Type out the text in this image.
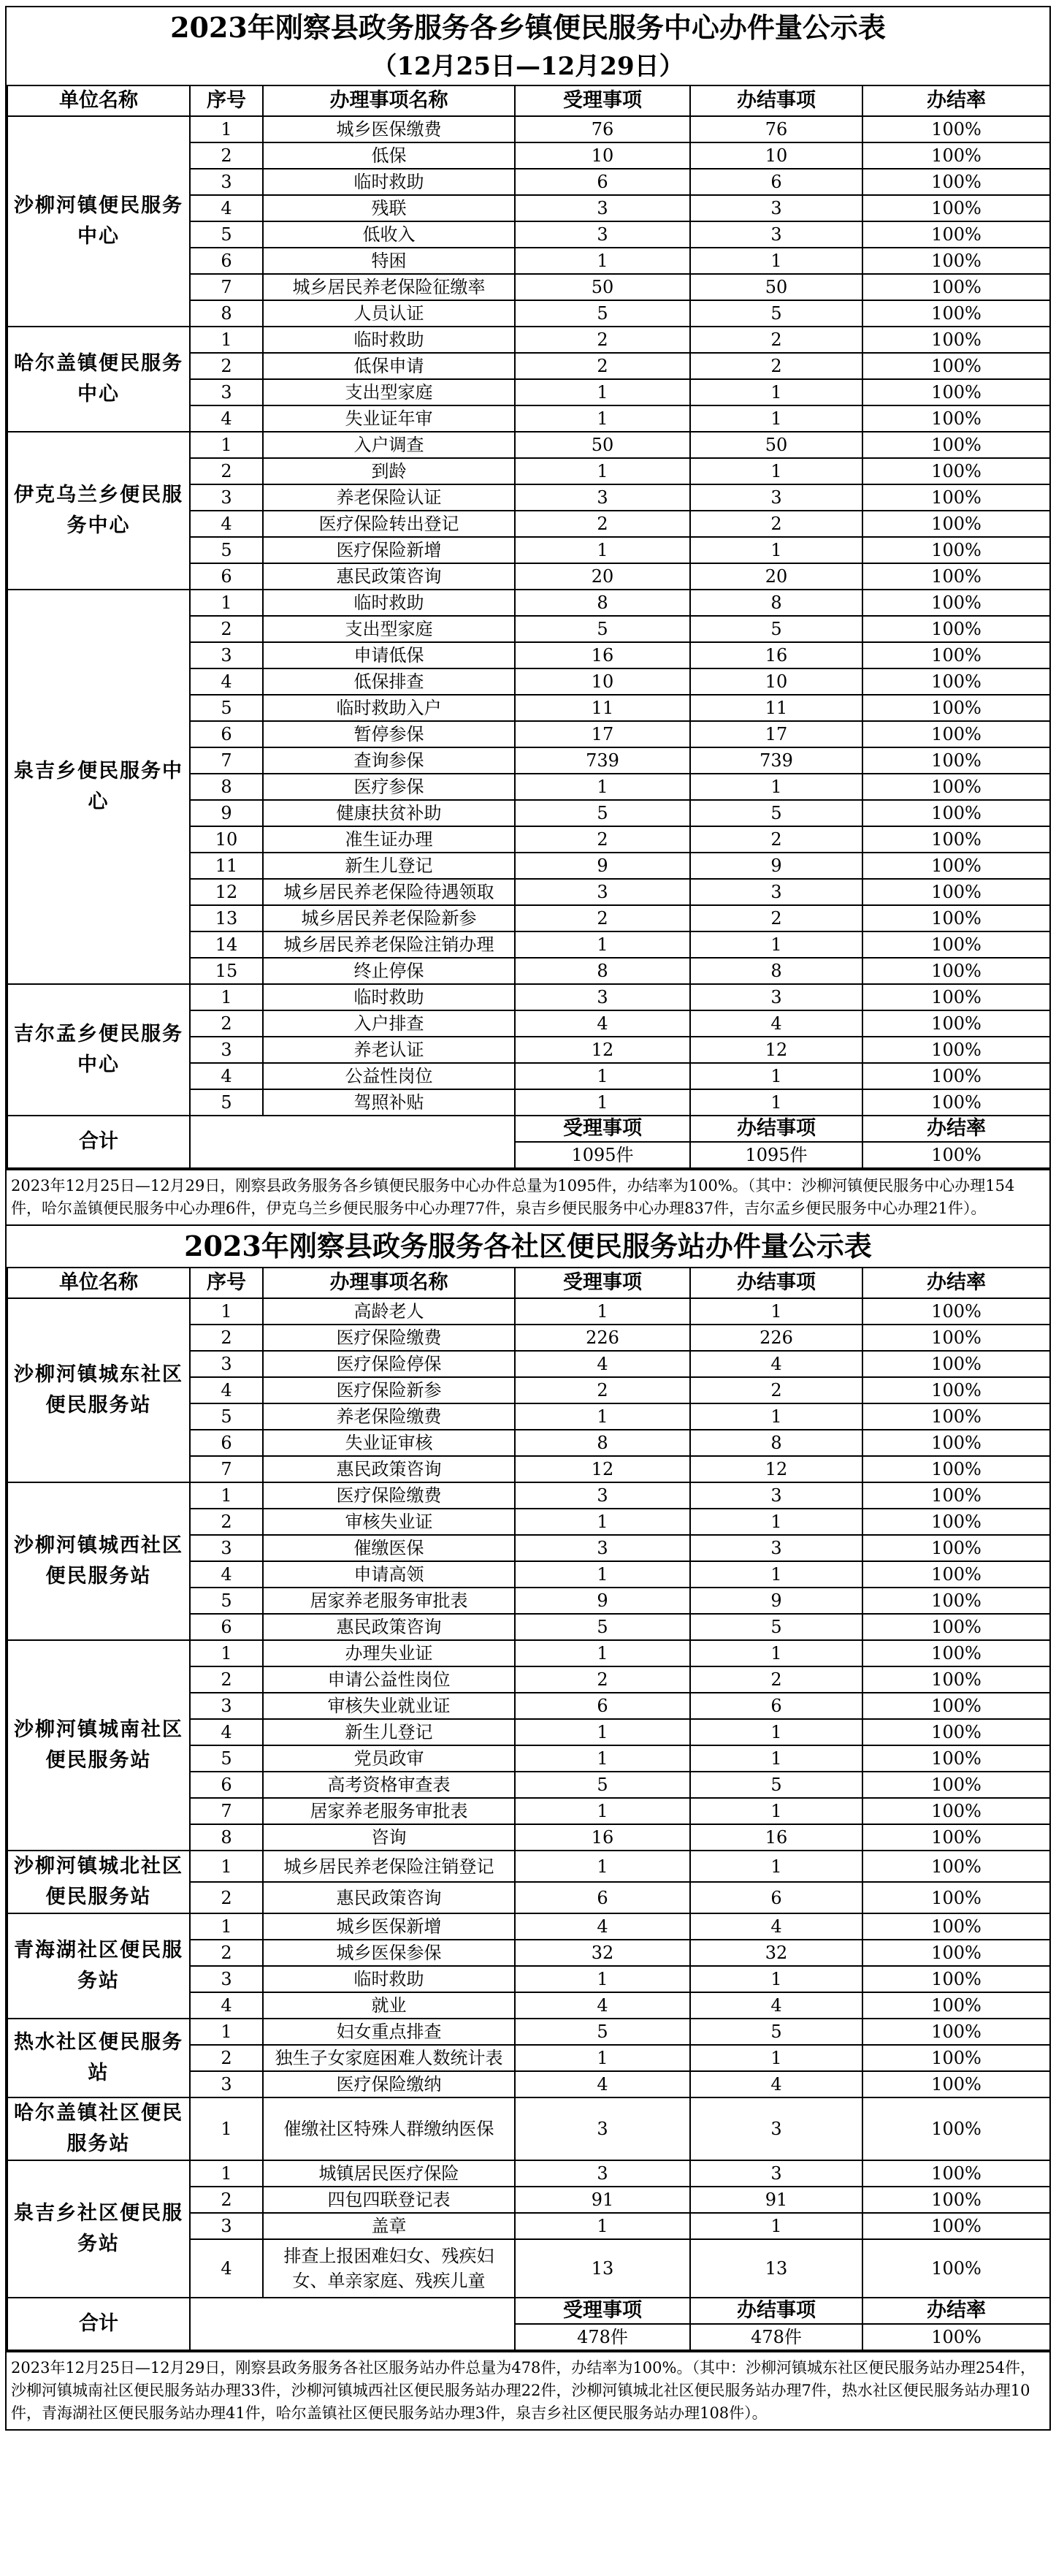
2023年刚察县政务服务各乡镇便民服务中心办件量公示表
（12月25日—12月29日）
单位名称	序号	办理事项名称	受理事项	办结事项	办结率
沙柳河镇便民服务中心	1	城乡医保缴费	76	76	100%
	2	低保	10	10	100%
	3	临时救助	6	6	100%
	4	残联	3	3	100%
	5	低收入	3	3	100%
	6	特困	1	1	100%
	7	城乡居民养老保险征缴率	50	50	100%
	8	人员认证	5	5	100%
哈尔盖镇便民服务中心	1	临时救助	2	2	100%
	2	低保申请	2	2	100%
	3	支出型家庭	1	1	100%
	4	失业证年审	1	1	100%
伊克乌兰乡便民服务中心	1	入户调查	50	50	100%
	2	到龄	1	1	100%
	3	养老保险认证	3	3	100%
	4	医疗保险转出登记	2	2	100%
	5	医疗保险新增	1	1	100%
	6	惠民政策咨询	20	20	100%
泉吉乡便民服务中心	1	临时救助	8	8	100%
	2	支出型家庭	5	5	100%
	3	申请低保	16	16	100%
	4	低保排查	10	10	100%
	5	临时救助入户	11	11	100%
	6	暂停参保	17	17	100%
	7	查询参保	739	739	100%
	8	医疗参保	1	1	100%
	9	健康扶贫补助	5	5	100%
	10	准生证办理	2	2	100%
	11	新生儿登记	9	9	100%
	12	城乡居民养老保险待遇领取	3	3	100%
	13	城乡居民养老保险新参	2	2	100%
	14	城乡居民养老保险注销办理	1	1	100%
	15	终止停保	8	8	100%
吉尔孟乡便民服务中心	1	临时救助	3	3	100%
	2	入户排查	4	4	100%
	3	养老认证	12	12	100%
	4	公益性岗位	1	1	100%
	5	驾照补贴	1	1	100%
合计			受理事项	办结事项	办结率
			1095件	1095件	100%
2023年12月25日—12月29日，刚察县政务服务各乡镇便民服务中心办件总量为1095件，办结率为100%。（其中：沙柳河镇便民服务中心办理154件，哈尔盖镇便民服务中心办理6件，伊克乌兰乡便民服务中心办理77件，泉吉乡便民服务中心办理837件，吉尔孟乡便民服务中心办理21件）。
2023年刚察县政务服务各社区便民服务站办件量公示表
单位名称	序号	办理事项名称	受理事项	办结事项	办结率
沙柳河镇城东社区便民服务站	1	高龄老人	1	1	100%
	2	医疗保险缴费	226	226	100%
	3	医疗保险停保	4	4	100%
	4	医疗保险新参	2	2	100%
	5	养老保险缴费	1	1	100%
	6	失业证审核	8	8	100%
	7	惠民政策咨询	12	12	100%
沙柳河镇城西社区便民服务站	1	医疗保险缴费	3	3	100%
	2	审核失业证	1	1	100%
	3	催缴医保	3	3	100%
	4	申请高领	1	1	100%
	5	居家养老服务审批表	9	9	100%
	6	惠民政策咨询	5	5	100%
沙柳河镇城南社区便民服务站	1	办理失业证	1	1	100%
	2	申请公益性岗位	2	2	100%
	3	审核失业就业证	6	6	100%
	4	新生儿登记	1	1	100%
	5	党员政审	1	1	100%
	6	高考资格审查表	5	5	100%
	7	居家养老服务审批表	1	1	100%
	8	咨询	16	16	100%
沙柳河镇城北社区便民服务站	1	城乡居民养老保险注销登记	1	1	100%
	2	惠民政策咨询	6	6	100%
青海湖社区便民服务站	1	城乡医保新增	4	4	100%
	2	城乡医保参保	32	32	100%
	3	临时救助	1	1	100%
	4	就业	4	4	100%
热水社区便民服务站	1	妇女重点排查	5	5	100%
	2	独生子女家庭困难人数统计表	1	1	100%
	3	医疗保险缴纳	4	4	100%
哈尔盖镇社区便民服务站	1	催缴社区特殊人群缴纳医保	3	3	100%
泉吉乡社区便民服务站	1	城镇居民医疗保险	3	3	100%
	2	四包四联登记表	91	91	100%
	3	盖章	1	1	100%
	4	排查上报困难妇女、残疾妇女、单亲家庭、残疾儿童	13	13	100%
合计			受理事项	办结事项	办结率
			478件	478件	100%
2023年12月25日—12月29日，刚察县政务服务各社区服务站办件总量为478件，办结率为100%。（其中：沙柳河镇城东社区便民服务站办理254件，沙柳河镇城南社区便民服务站办理33件，沙柳河镇城西社区便民服务站办理22件，沙柳河镇城北社区便民服务站办理7件，热水社区便民服务站办理10件，青海湖社区便民服务站办理41件，哈尔盖镇社区便民服务站办理3件，泉吉乡社区便民服务站办理108件）。
